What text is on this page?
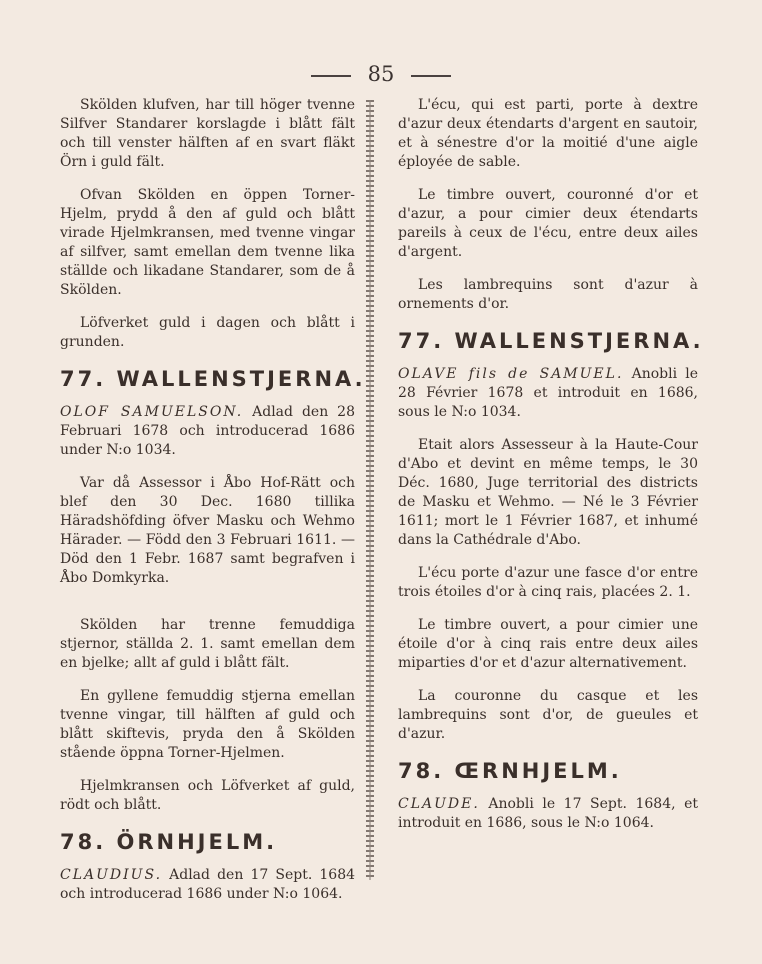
85

Skölden klufven, har till höger tvenne Silfver Standarer korslagde i blått fält och till venster hälften af en svart fläkt Örn i guld fält.

Ofvan Skölden en öppen Torner-Hjelm, prydd å den af guld och blått virade Hjelmkransen, med tvenne vingar af silfver, samt emellan dem tvenne lika ställde och likadane Standarer, som de å Skölden.

Löfverket guld i dagen och blått i grunden.

77. WALLENSTJERNA.

OLOF SAMUELSON. Adlad den 28 Februari 1678 och introducerad 1686 under N:o 1034.

Var då Assessor i Åbo Hof-Rätt och blef den 30 Dec. 1680 tillika Häradshöfding öfver Masku och Wehmo Härader. — Född den 3 Februari 1611. — Död den 1 Febr. 1687 samt begrafven i Åbo Domkyrka.

Skölden har trenne femuddiga stjernor, ställda 2. 1. samt emellan dem en bjelke; allt af guld i blått fält.

En gyllene femuddig stjerna emellan tvenne vingar, till hälften af guld och blått skiftevis, pryda den å Skölden stående öppna Torner-Hjelmen.

Hjelmkransen och Löfverket af guld, rödt och blått.

78. ÖRNHJELM.

CLAUDIUS. Adlad den 17 Sept. 1684 och introducerad 1686 under N:o 1064.

L'écu, qui est parti, porte à dextre d'azur deux étendarts d'argent en sautoir, et à sénestre d'or la moitié d'une aigle éployée de sable.

Le timbre ouvert, couronné d'or et d'azur, a pour cimier deux étendarts pareils à ceux de l'écu, entre deux ailes d'argent.

Les lambrequins sont d'azur à ornements d'or.

77. WALLENSTJERNA.

OLAVE fils de SAMUEL. Anobli le 28 Février 1678 et introduit en 1686, sous le N:o 1034.

Etait alors Assesseur à la Haute-Cour d'Abo et devint en même temps, le 30 Déc. 1680, Juge territorial des districts de Masku et Wehmo. — Né le 3 Février 1611; mort le 1 Février 1687, et inhumé dans la Cathédrale d'Abo.

L'écu porte d'azur une fasce d'or entre trois étoiles d'or à cinq rais, placées 2. 1.

Le timbre ouvert, a pour cimier une étoile d'or à cinq rais entre deux ailes miparties d'or et d'azur alternativement.

La couronne du casque et les lambrequins sont d'or, de gueules et d'azur.

78. ŒRNHJELM.

CLAUDE. Anobli le 17 Sept. 1684, et introduit en 1686, sous le N:o 1064.
